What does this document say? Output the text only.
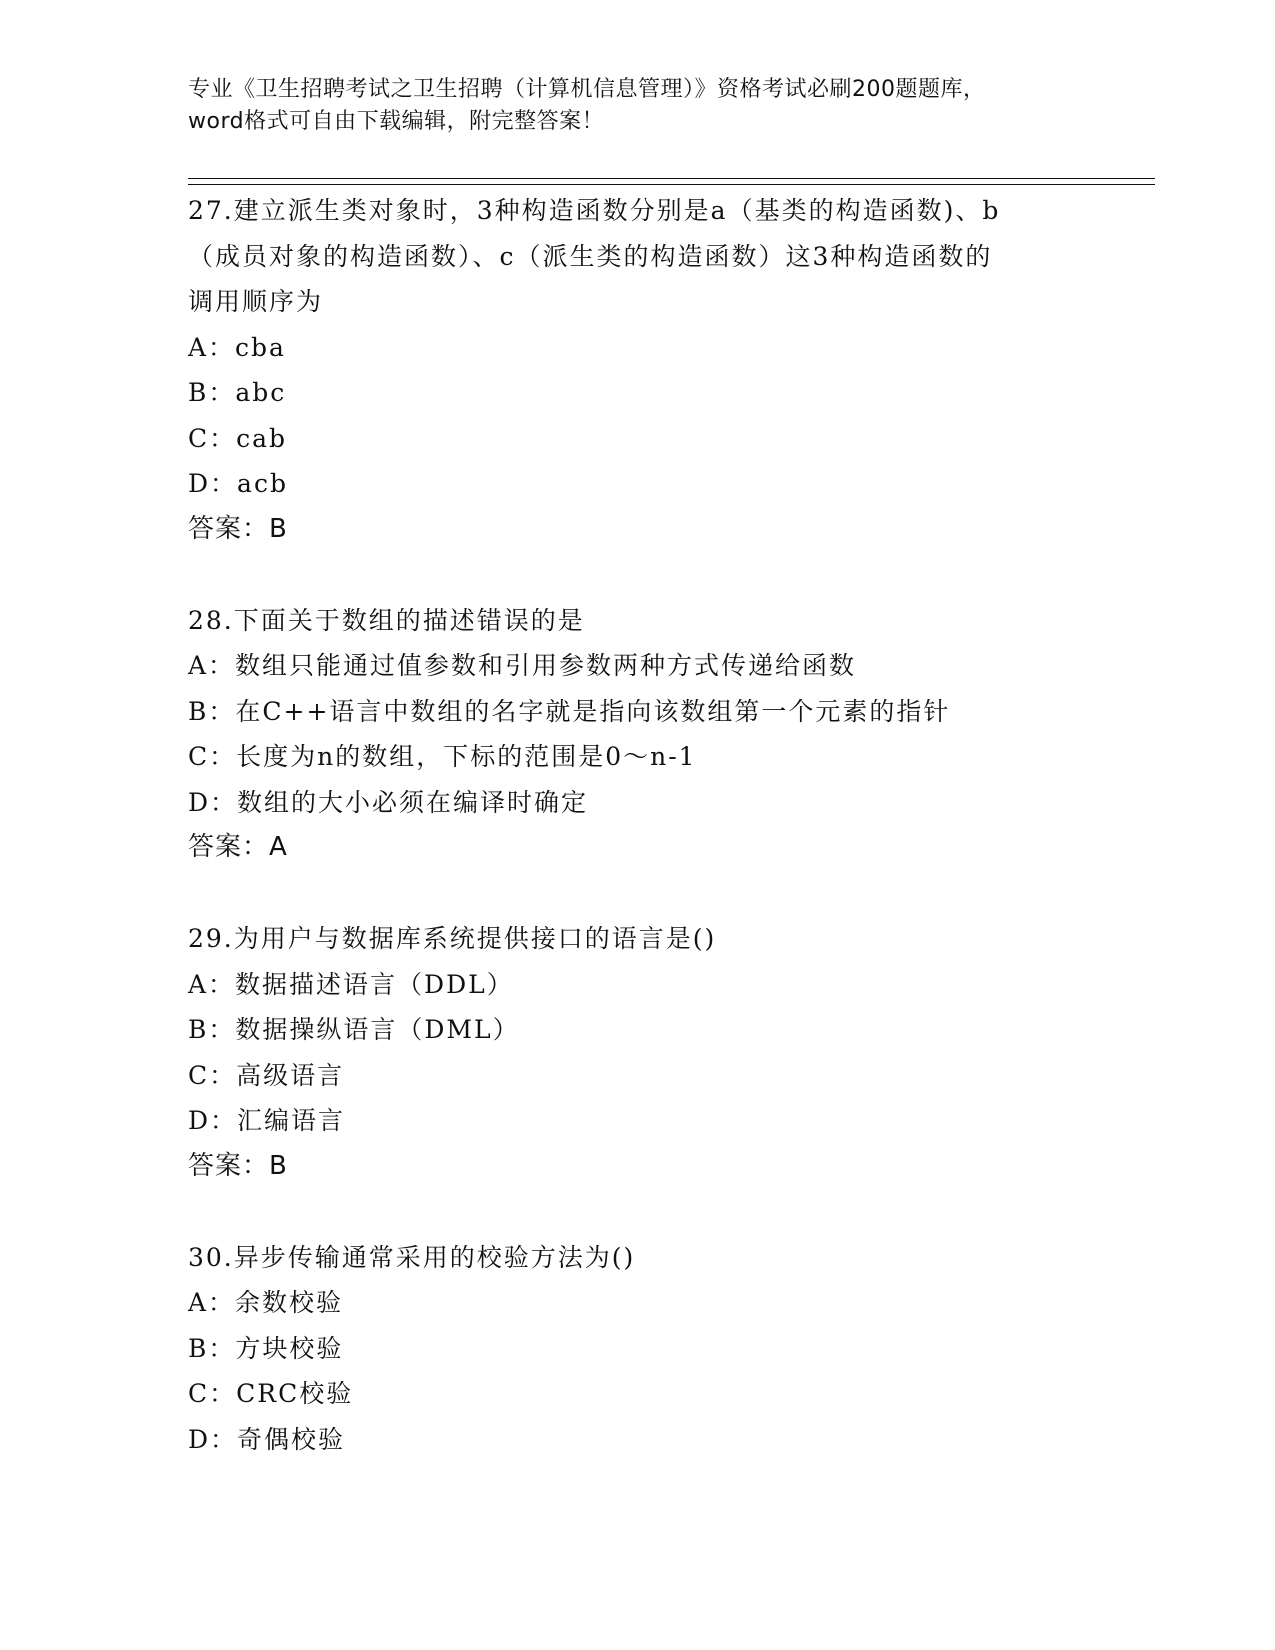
专业《卫生招聘考试之卫生招聘（计算机信息管理）》资格考试必刷200题题库，
word格式可自由下载编辑，附完整答案！
27.建立派生类对象时，3种构造函数分别是a（基类的构造函数)、b
（成员对象的构造函数）、c（派生类的构造函数）这3种构造函数的
调用顺序为
A：cba
B：abc
C：cab
D：acb
答案：B
28.下面关于数组的描述错误的是
A：数组只能通过值参数和引用参数两种方式传递给函数
B：在C++语言中数组的名字就是指向该数组第一个元素的指针
C：长度为n的数组，下标的范围是0～n-1
D：数组的大小必须在编译时确定
答案：A
29.为用户与数据库系统提供接口的语言是()
A：数据描述语言（DDL）
B：数据操纵语言（DML）
C：高级语言
D：汇编语言
答案：B
30.异步传输通常采用的校验方法为()
A：余数校验
B：方块校验
C：CRC校验
D：奇偶校验
